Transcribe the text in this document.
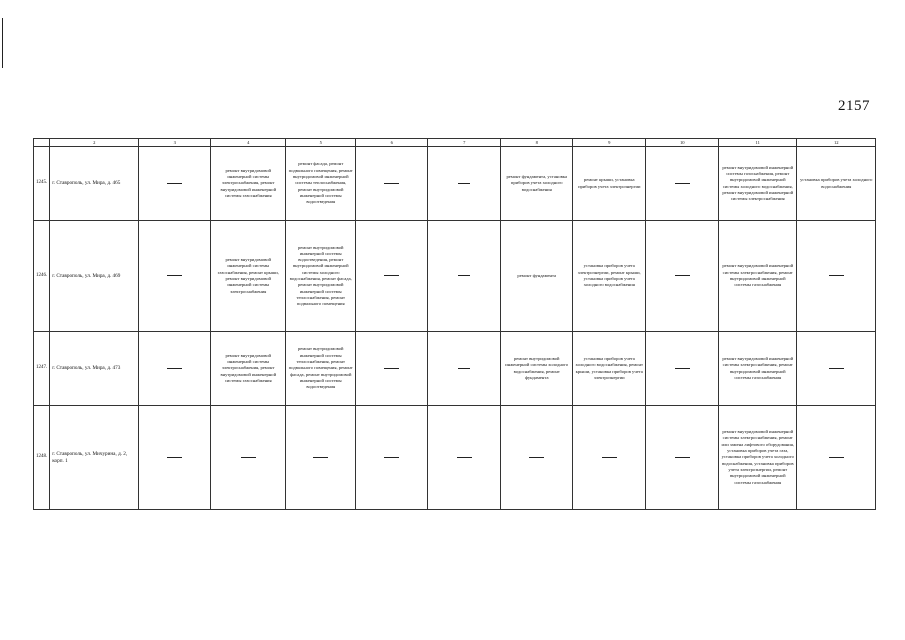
2157
	2	3	4	5	6	7	8	9	10	11	12
1245.	г. Ставрополь, ул. Мира, д. 465		ремонт внутридомовой инженерной системы электроснабжения, ремонт внутридомовой инженерной системы газоснабжения	ремонт фасада, ремонт подвального помещения, ремонт внутридомовой инженерной системы теплоснабжения, ремонт внутридомовой инженерной системы водоотведения			ремонт фундамента, установка приборов учета холодного водоснабжения	ремонт крыши, установка приборов учета электроэнергии		ремонт внутридомовой инженерной системы газоснабжения, ремонт внутридомовой инженерной системы холодного водоснабжения, ремонт внутридомовой инженерной системы электроснабжения	установка приборов учета холодного водоснабжения
1246.	г. Ставрополь, ул. Мира, д. 469		ремонт внутридомовой инженерной системы газоснабжения, ремонт крыши, ремонт внутридомовой инженерной системы электроснабжения	ремонт внутридомовой инженерной системы водоотведения, ремонт внутридомовой инженерной системы холодного водоснабжения, ремонт фасада, ремонт внутридомовой инженерной системы теплоснабжения, ремонт подвального помещения			ремонт фундамента	установка приборов учета электроэнергии, ремонт крыши, установка приборов учета холодного водоснабжения		ремонт внутридомовой инженерной системы электроснабжения, ремонт внутридомовой инженерной системы газоснабжения	
1247.	г. Ставрополь, ул. Мира, д. 473		ремонт внутридомовой инженерной системы электроснабжения, ремонт внутридомовой инженерной системы газоснабжения	ремонт внутридомовой инженерной системы теплоснабжения, ремонт подвального помещения, ремонт фасада, ремонт внутридомовой инженерной системы водоотведения			ремонт внутридомовой инженерной системы холодного водоснабжения, ремонт фундамента	установка приборов учета холодного водоснабжения, ремонт крыши, установка приборов учета электроэнергии		ремонт внутридомовой инженерной системы электроснабжения, ремонт внутридомовой инженерной системы газоснабжения	
1248.	г. Ставрополь, ул. Мичурина, д. 2, корп. 1									ремонт внутридомовой инженерной системы электроснабжения, ремонт или замена лифтового оборудования, установка приборов учета газа, установка приборов учета холодного водоснабжения, установка приборов учета электроэнергии, ремонт внутридомовой инженерной системы газоснабжения	
